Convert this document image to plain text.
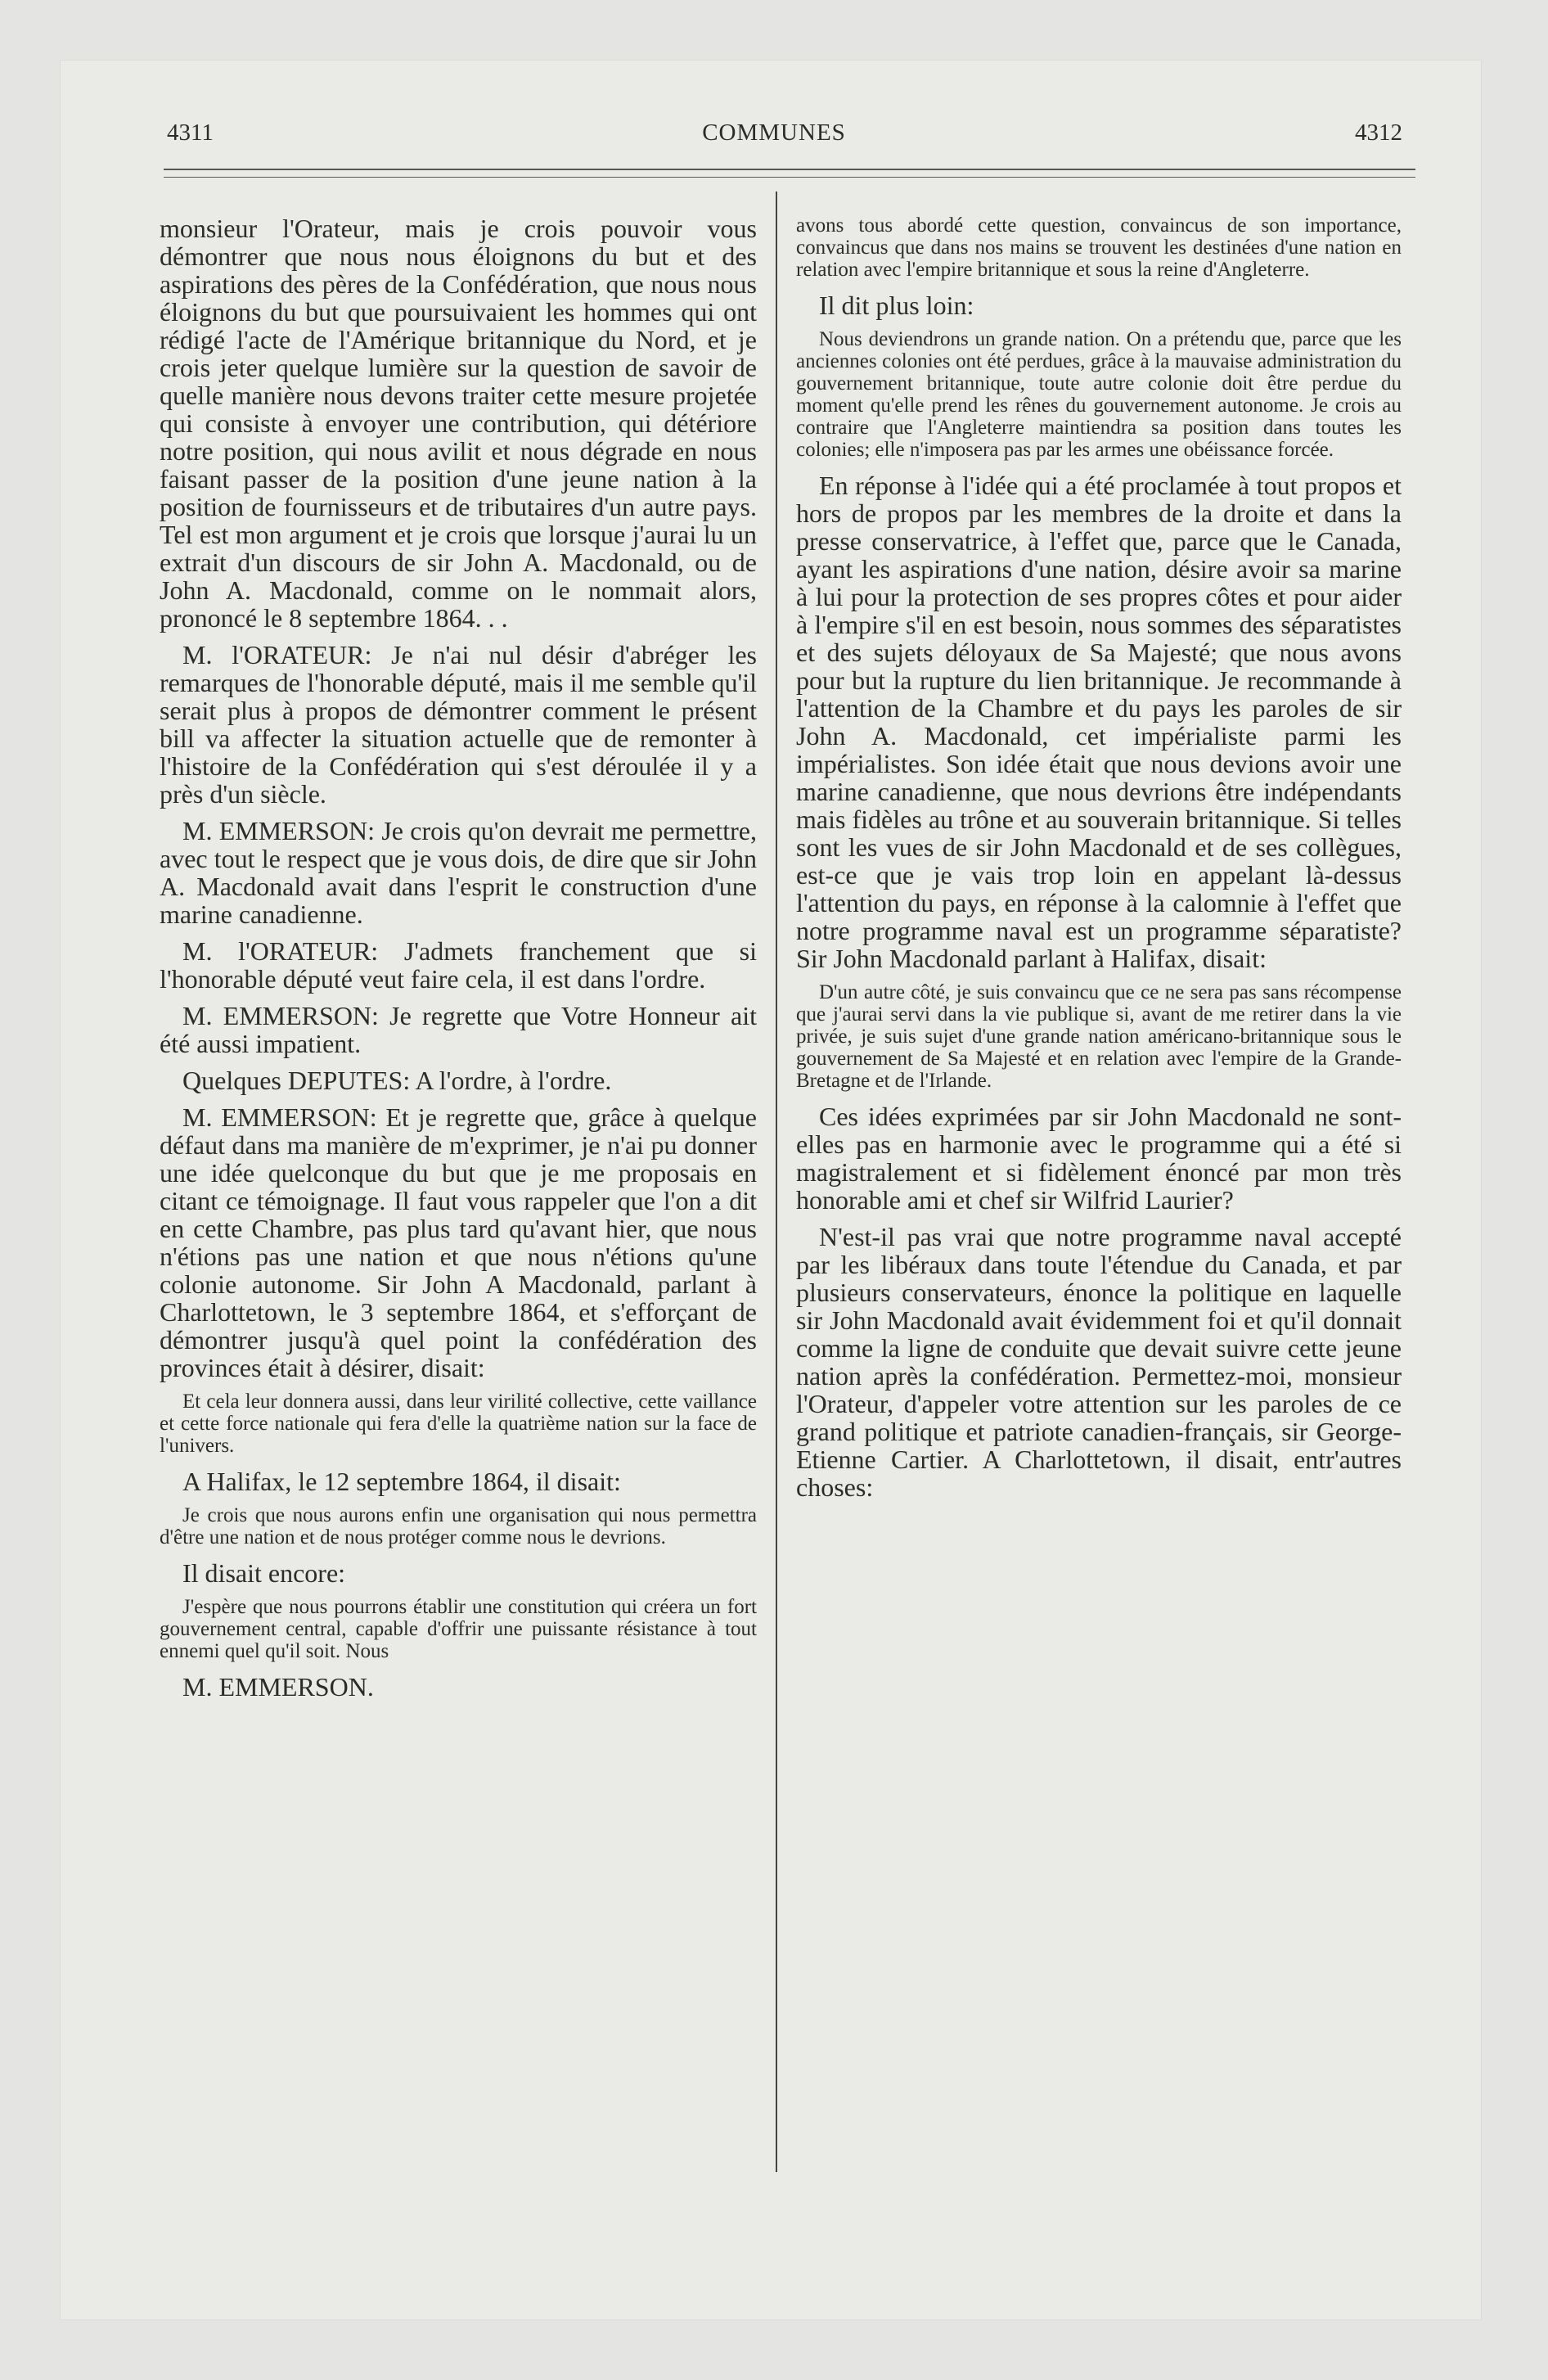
4311	COMMUNES	4312

monsieur l'Orateur, mais je crois pouvoir vous démontrer que nous nous éloignons du but et des aspirations des pères de la Confédération, que nous nous éloignons du but que poursuivaient les hommes qui ont rédigé l'acte de l'Amérique britannique du Nord, et je crois jeter quelque lumière sur la question de savoir de quelle manière nous devons traiter cette mesure projetée qui consiste à envoyer une contribution, qui détériore notre position, qui nous avilit et nous dégrade en nous faisant passer de la position d'une jeune nation à la position de fournisseurs et de tributaires d'un autre pays. Tel est mon argument et je crois que lorsque j'aurai lu un extrait d'un discours de sir John A. Macdonald, ou de John A. Macdonald, comme on le nommait alors, prononcé le 8 septembre 1864. . .

M. l'ORATEUR: Je n'ai nul désir d'abréger les remarques de l'honorable député, mais il me semble qu'il serait plus à propos de démontrer comment le présent bill va affecter la situation actuelle que de remonter à l'histoire de la Confédération qui s'est déroulée il y a près d'un siècle.

M. EMMERSON: Je crois qu'on devrait me permettre, avec tout le respect que je vous dois, de dire que sir John A. Macdonald avait dans l'esprit le construction d'une marine canadienne.

M. l'ORATEUR: J'admets franchement que si l'honorable député veut faire cela, il est dans l'ordre.

M. EMMERSON: Je regrette que Votre Honneur ait été aussi impatient.

Quelques DEPUTES: A l'ordre, à l'ordre.

M. EMMERSON: Et je regrette que, grâce à quelque défaut dans ma manière de m'exprimer, je n'ai pu donner une idée quelconque du but que je me proposais en citant ce témoignage. Il faut vous rappeler que l'on a dit en cette Chambre, pas plus tard qu'avant hier, que nous n'étions pas une nation et que nous n'étions qu'une colonie autonome. Sir John A Macdonald, parlant à Charlottetown, le 3 septembre 1864, et s'efforçant de démontrer jusqu'à quel point la confédération des provinces était à désirer, disait:

Et cela leur donnera aussi, dans leur virilité collective, cette vaillance et cette force nationale qui fera d'elle la quatrième nation sur la face de l'univers.

A Halifax, le 12 septembre 1864, il disait:

Je crois que nous aurons enfin une organisation qui nous permettra d'être une nation et de nous protéger comme nous le devrions.

Il disait encore:

J'espère que nous pourrons établir une constitution qui créera un fort gouvernement central, capable d'offrir une puissante résistance à tout ennemi quel qu'il soit. Nous

M. EMMERSON.

avons tous abordé cette question, convaincus de son importance, convaincus que dans nos mains se trouvent les destinées d'une nation en relation avec l'empire britannique et sous la reine d'Angleterre.

Il dit plus loin:

Nous deviendrons un grande nation. On a prétendu que, parce que les anciennes colonies ont été perdues, grâce à la mauvaise administration du gouvernement britannique, toute autre colonie doit être perdue du moment qu'elle prend les rênes du gouvernement autonome. Je crois au contraire que l'Angleterre maintiendra sa position dans toutes les colonies; elle n'imposera pas par les armes une obéissance forcée.

En réponse à l'idée qui a été proclamée à tout propos et hors de propos par les membres de la droite et dans la presse conservatrice, à l'effet que, parce que le Canada, ayant les aspirations d'une nation, désire avoir sa marine à lui pour la protection de ses propres côtes et pour aider à l'empire s'il en est besoin, nous sommes des séparatistes et des sujets déloyaux de Sa Majesté; que nous avons pour but la rupture du lien britannique. Je recommande à l'attention de la Chambre et du pays les paroles de sir John A. Macdonald, cet impérialiste parmi les impérialistes. Son idée était que nous devions avoir une marine canadienne, que nous devrions être indépendants mais fidèles au trône et au souverain britannique. Si telles sont les vues de sir John Macdonald et de ses collègues, est-ce que je vais trop loin en appelant là-dessus l'attention du pays, en réponse à la calomnie à l'effet que notre programme naval est un programme séparatiste? Sir John Macdonald parlant à Halifax, disait:

D'un autre côté, je suis convaincu que ce ne sera pas sans récompense que j'aurai servi dans la vie publique si, avant de me retirer dans la vie privée, je suis sujet d'une grande nation américano-britannique sous le gouvernement de Sa Majesté et en relation avec l'empire de la Grande-Bretagne et de l'Irlande.

Ces idées exprimées par sir John Macdonald ne sont-elles pas en harmonie avec le programme qui a été si magistralement et si fidèlement énoncé par mon très honorable ami et chef sir Wilfrid Laurier?

N'est-il pas vrai que notre programme naval accepté par les libéraux dans toute l'étendue du Canada, et par plusieurs conservateurs, énonce la politique en laquelle sir John Macdonald avait évidemment foi et qu'il donnait comme la ligne de conduite que devait suivre cette jeune nation après la confédération. Permettez-moi, monsieur l'Orateur, d'appeler votre attention sur les paroles de ce grand politique et patriote canadien-français, sir George-Etienne Cartier. A Charlottetown, il disait, entr'autres choses:
